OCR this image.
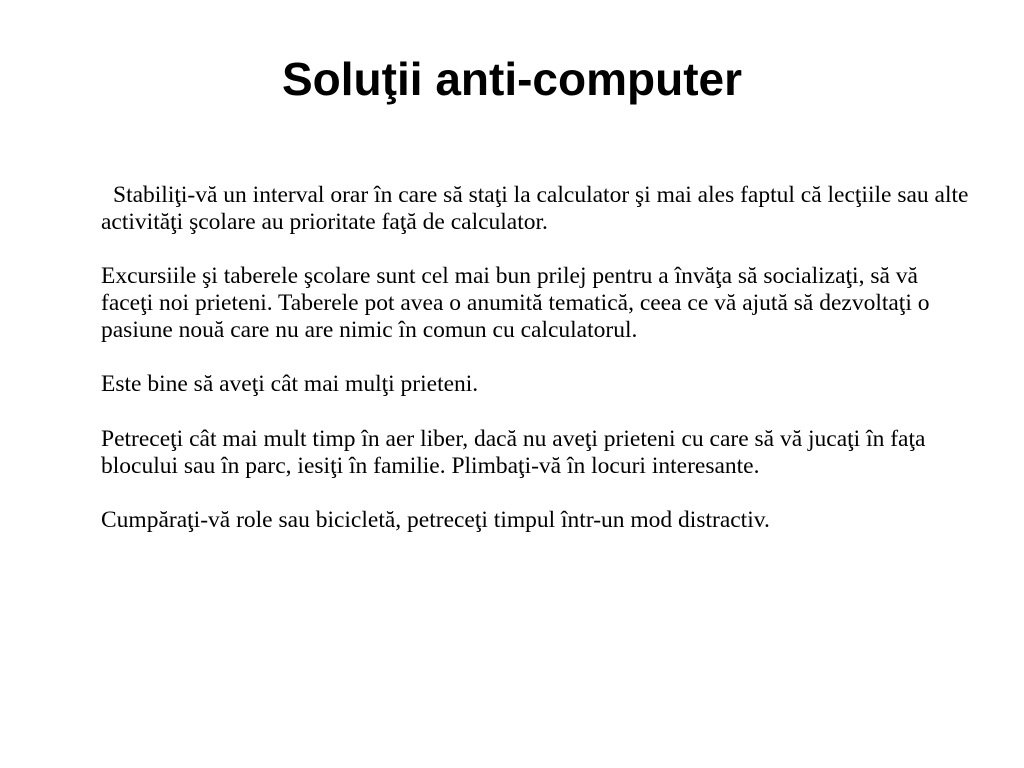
Soluţii anti-computer

Stabiliţi-vă un interval orar în care să staţi la calculator şi mai ales faptul că lecţiile sau alte activităţi şcolare au prioritate faţă de calculator.

Excursiile şi taberele şcolare sunt cel mai bun prilej pentru a învăţa să socializaţi, să vă faceţi noi prieteni. Taberele pot avea o anumită tematică, ceea ce vă ajută să dezvoltaţi o pasiune nouă care nu are nimic în comun cu calculatorul.

Este bine să aveţi cât mai mulţi prieteni.

Petreceţi cât mai mult timp în aer liber, dacă nu aveţi prieteni cu care să vă jucaţi în faţa blocului sau în parc, iesiţi în familie. Plimbaţi-vă în locuri interesante.

Cumpăraţi-vă role sau bicicletă, petreceţi timpul într-un mod distractiv.
